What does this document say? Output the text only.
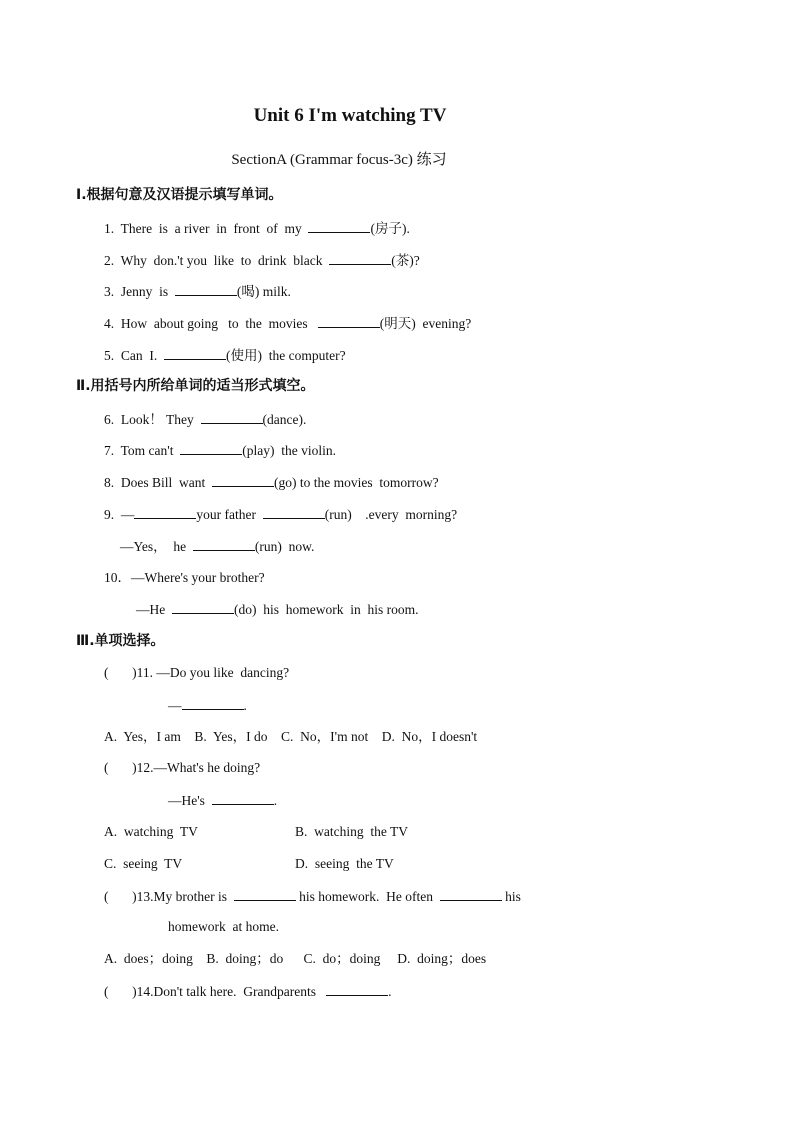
Unit 6 I'm watching TV
SectionA (Grammar focus-3c) 练习
Ⅰ.根据句意及汉语提示填写单词。
1.  There  is  a river  in  front  of  my	(房子).
2.  Why  don.'t you  like  to  drink  black	(茶)?
3.  Jenny  is	(喝) milk.
4.  How  about going   to  the  movies	(明天)  evening?
5.  Can  I.	(使用)  the computer?
Ⅱ.用括号内所给单词的适当形式填空。
6.  Look！ They	(dance).
7.  Tom can't	(play)  the violin.
8.  Does Bill  want	(go) to the movies  tomorrow?
9.  —	your father	(run)    .every  morning?
—Yes，  he	(run)  now.
10．—Where's your brother?
—He	(do)  his  homework  in  his room.
Ⅲ.单项选择。
(       )11. —Do you like  dancing?
—	.
A.  Yes，I am    B.  Yes，I do    C.  No，I'm not    D.  No，I doesn't
(       )12.—What's he doing?
—He's	.
A.  watching  TV	B.  watching  the TV
C.  seeing  TV	D.  seeing  the TV
(       )13.My brother is	his homework.  He often	his
homework  at home.
A.  does；doing    B.  doing；do      C.  do；doing     D.  doing；does
(       )14.Don't talk here.  Grandparents	.
